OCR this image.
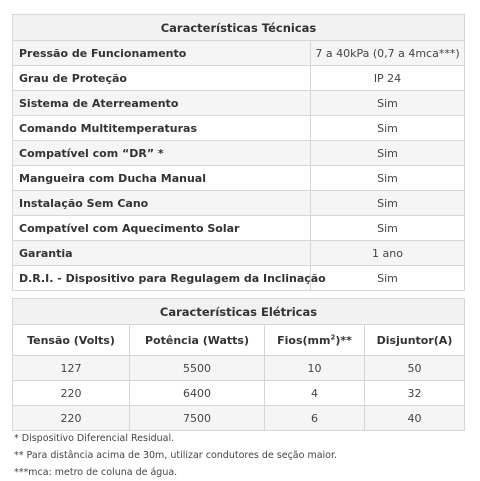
Características Técnicas	
Pressão de Funcionamento	7 a 40kPa (0,7 a 4mca***)
Grau de Proteção	IP 24
Sistema de Aterreamento	Sim
Comando Multitemperaturas	Sim
Compatível com “DR” *	Sim
Mangueira com Ducha Manual	Sim
Instalação Sem Cano	Sim
Compatível com Aquecimento Solar	Sim
Garantia	1 ano
D.R.I. - Dispositivo para Regulagem da Inclinação	Sim
Características Elétricas			
Tensão (Volts)	Potência (Watts)	$Fios(mm^2)**$	Disjuntor(A)
127	5500	10	50
220	6400	4	32
220	7500	6	40
* Dispositivo Diferencial Residual.
** Para distância acima de 30m, utilizar condutores de seção maior.
***mca: metro de coluna de água.
